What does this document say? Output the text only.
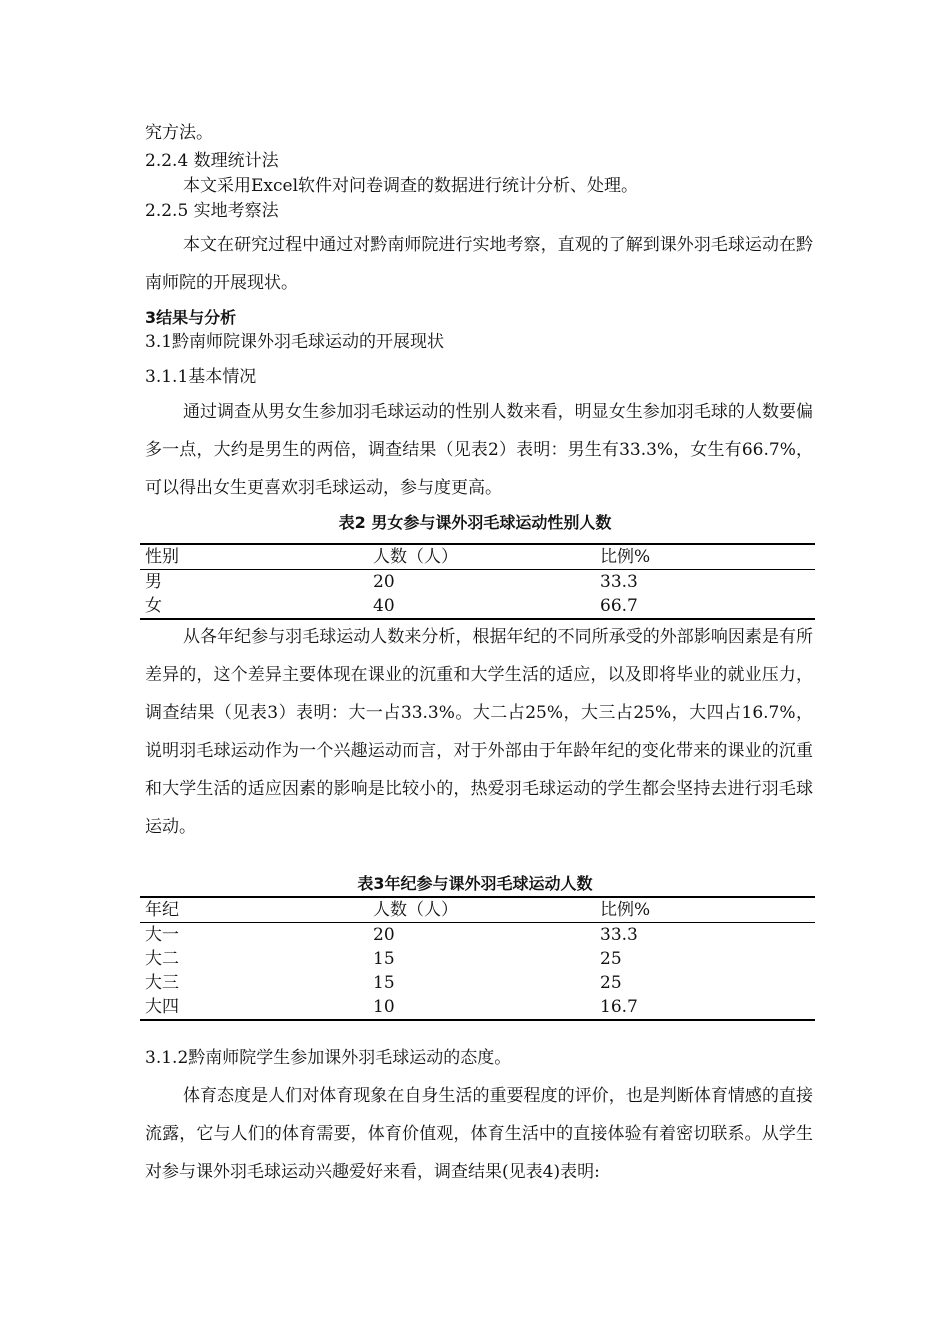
究方法。
2.2.4 数理统计法
本文采用Excel软件对问卷调查的数据进行统计分析、处理。
2.2.5 实地考察法
本文在研究过程中通过对黔南师院进行实地考察，直观的了解到课外羽毛球运动在黔南师院的开展现状。
3结果与分析
3.1黔南师院课外羽毛球运动的开展现状
3.1.1基本情况
通过调查从男女生参加羽毛球运动的性别人数来看，明显女生参加羽毛球的人数要偏多一点，大约是男生的两倍，调查结果（见表2）表明：男生有33.3%，女生有66.7%，可以得出女生更喜欢羽毛球运动，参与度更高。
表2 男女参与课外羽毛球运动性别人数
性别	人数（人）	比例%
男	20	33.3
女	40	66.7
从各年纪参与羽毛球运动人数来分析，根据年纪的不同所承受的外部影响因素是有所差异的，这个差异主要体现在课业的沉重和大学生活的适应，以及即将毕业的就业压力，调查结果（见表3）表明：大一占33.3%。大二占25%，大三占25%，大四占16.7%，说明羽毛球运动作为一个兴趣运动而言，对于外部由于年龄年纪的变化带来的课业的沉重和大学生活的适应因素的影响是比较小的，热爱羽毛球运动的学生都会坚持去进行羽毛球运动。
表3年纪参与课外羽毛球运动人数
年纪	人数（人）	比例%
大一	20	33.3
大二	15	25
大三	15	25
大四	10	16.7
3.1.2黔南师院学生参加课外羽毛球运动的态度。
体育态度是人们对体育现象在自身生活的重要程度的评价，也是判断体育情感的直接流露，它与人们的体育需要，体育价值观，体育生活中的直接体验有着密切联系。从学生对参与课外羽毛球运动兴趣爱好来看，调查结果(见表4)表明:
